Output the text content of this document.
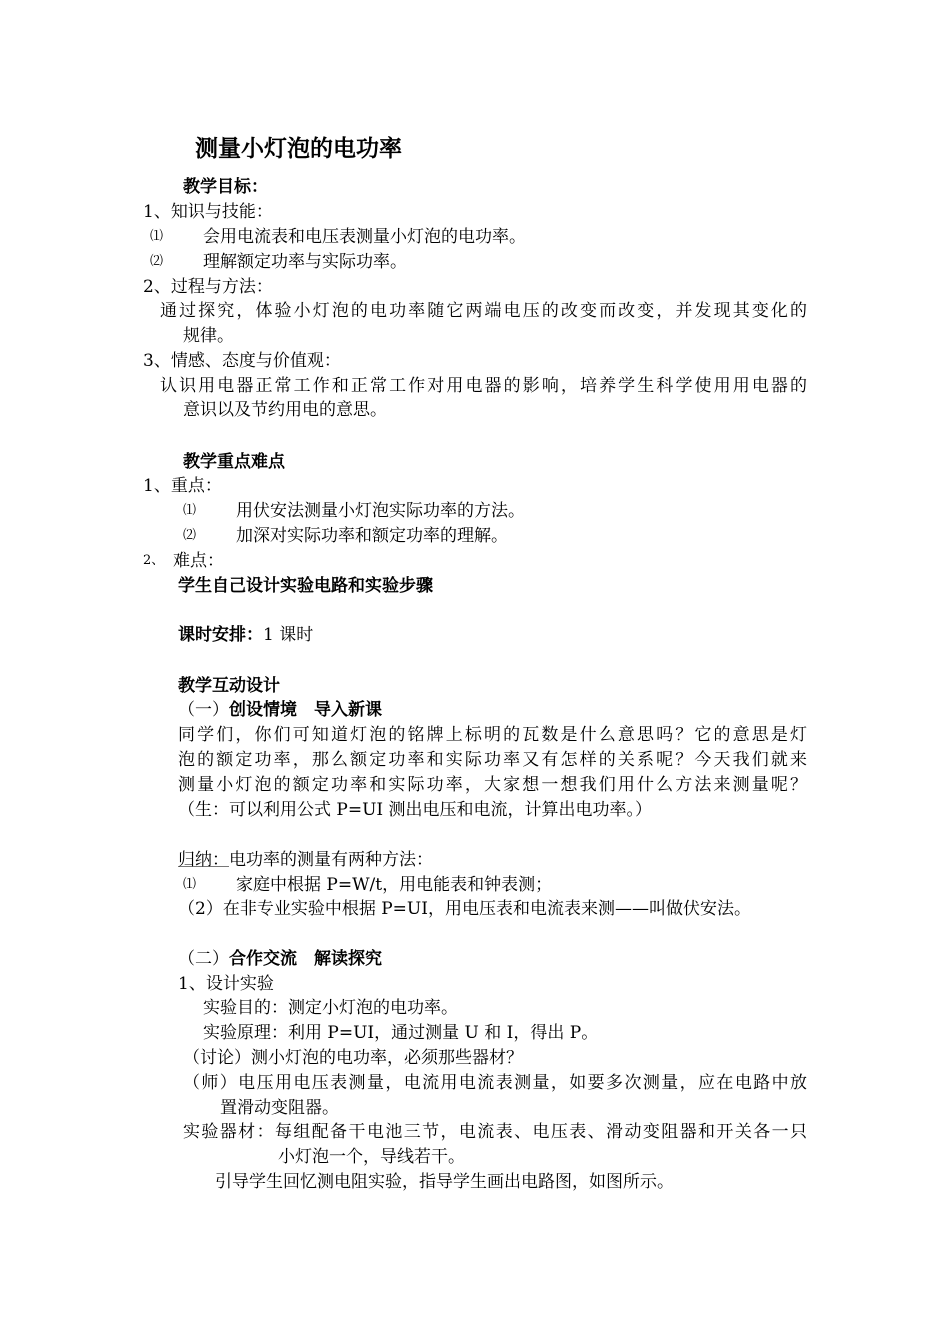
测量小灯泡的电功率
教学目标：
1、知识与技能：
⑴ 会用电流表和电压表测量小灯泡的电功率。
⑵ 理解额定功率与实际功率。
2、过程与方法：
通过探究，体验小灯泡的电功率随它两端电压的改变而改变，并发现其变化的
规律。
3、情感、态度与价值观：
认识用电器正常工作和正常工作对用电器的影响，培养学生科学使用用电器的
意识以及节约用电的意思。
教学重点难点
1、重点：
⑴ 用伏安法测量小灯泡实际功率的方法。
⑵ 加深对实际功率和额定功率的理解。
2、 难点：
学生自己设计实验电路和实验步骤
课时安排：1 课时
教学互动设计
（一）创设情境　导入新课
同学们，你们可知道灯泡的铭牌上标明的瓦数是什么意思吗？它的意思是灯
泡的额定功率，那么额定功率和实际功率又有怎样的关系呢？今天我们就来
测量小灯泡的额定功率和实际功率，大家想一想我们用什么方法来测量呢？
（生：可以利用公式 P=UI 测出电压和电流，计算出电功率。）
归纳：电功率的测量有两种方法：
⑴ 家庭中根据 P=W/t，用电能表和钟表测；
（2）在非专业实验中根据 P=UI，用电压表和电流表来测——叫做伏安法。
（二）合作交流　解读探究
1、设计实验
实验目的：测定小灯泡的电功率。
实验原理：利用 P=UI，通过测量 U 和 I，得出 P。
（讨论）测小灯泡的电功率，必须那些器材？
（师）电压用电压表测量，电流用电流表测量，如要多次测量，应在电路中放
置滑动变阻器。
实验器材：每组配备干电池三节，电流表、电压表、滑动变阻器和开关各一只
小灯泡一个，导线若干。
引导学生回忆测电阻实验，指导学生画出电路图，如图所示。
